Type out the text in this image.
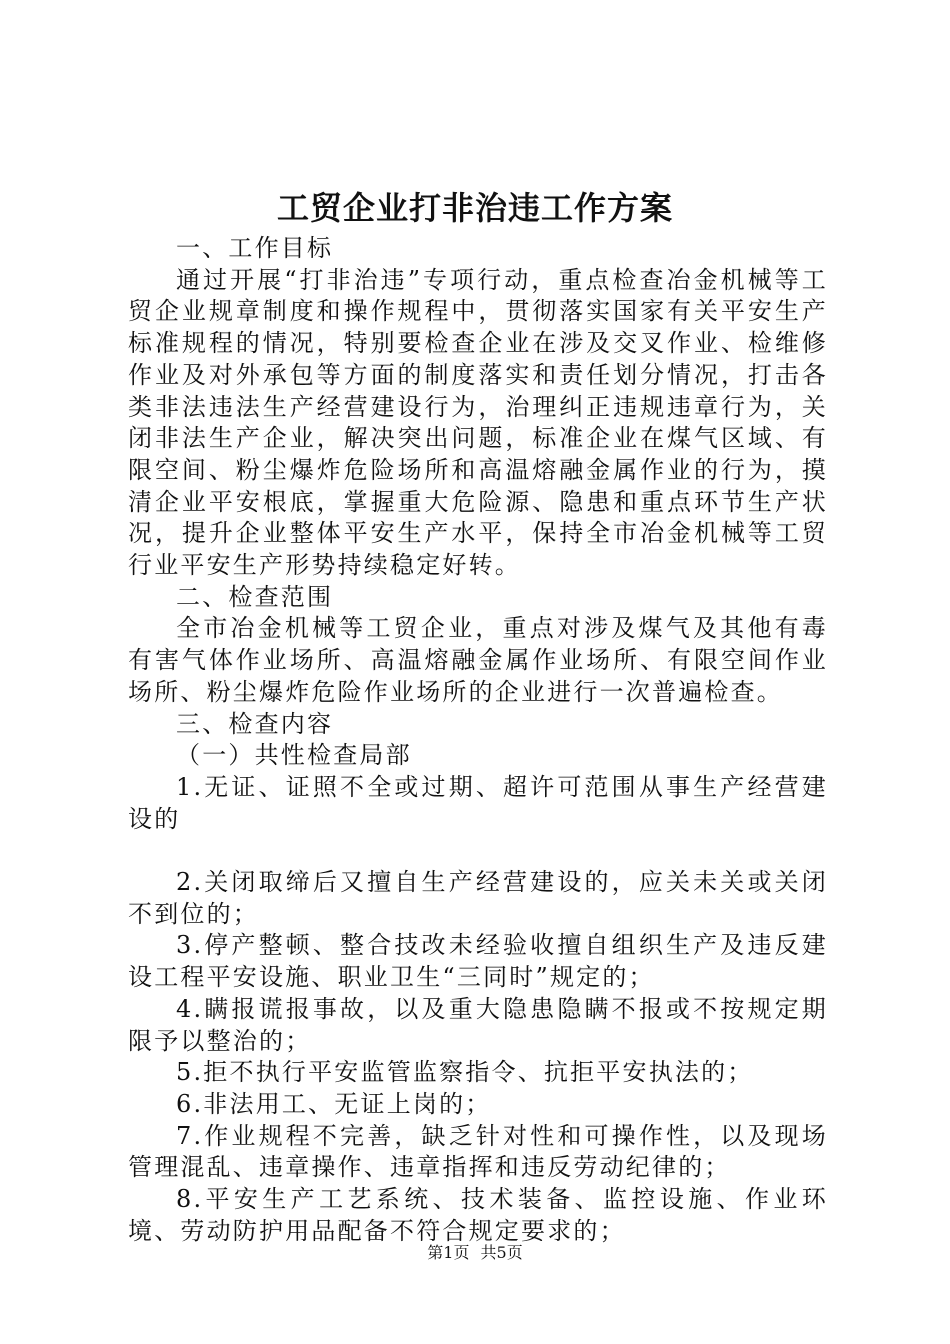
工贸企业打非治违工作方案

一、工作目标

通过开展“打非治违”专项行动，重点检查冶金机械等工贸企业规章制度和操作规程中，贯彻落实国家有关平安生产标准规程的情况，特别要检查企业在涉及交叉作业、检维修作业及对外承包等方面的制度落实和责任划分情况，打击各类非法违法生产经营建设行为，治理纠正违规违章行为，关闭非法生产企业，解决突出问题，标准企业在煤气区域、有限空间、粉尘爆炸危险场所和高温熔融金属作业的行为，摸清企业平安根底，掌握重大危险源、隐患和重点环节生产状况，提升企业整体平安生产水平，保持全市冶金机械等工贸行业平安生产形势持续稳定好转。

二、检查范围

全市冶金机械等工贸企业，重点对涉及煤气及其他有毒有害气体作业场所、高温熔融金属作业场所、有限空间作业场所、粉尘爆炸危险作业场所的企业进行一次普遍检查。

三、检查内容

（一）共性检查局部

1.无证、证照不全或过期、超许可范围从事生产经营建设的

2.关闭取缔后又擅自生产经营建设的，应关未关或关闭不到位的；

3.停产整顿、整合技改未经验收擅自组织生产及违反建设工程平安设施、职业卫生“三同时”规定的；

4.瞒报谎报事故，以及重大隐患隐瞒不报或不按规定期限予以整治的；

5.拒不执行平安监管监察指令、抗拒平安执法的；

6.非法用工、无证上岗的；

7.作业规程不完善，缺乏针对性和可操作性，以及现场管理混乱、违章操作、违章指挥和违反劳动纪律的；

8.平安生产工艺系统、技术装备、监控设施、作业环境、劳动防护用品配备不符合规定要求的；

第1页 共5页
